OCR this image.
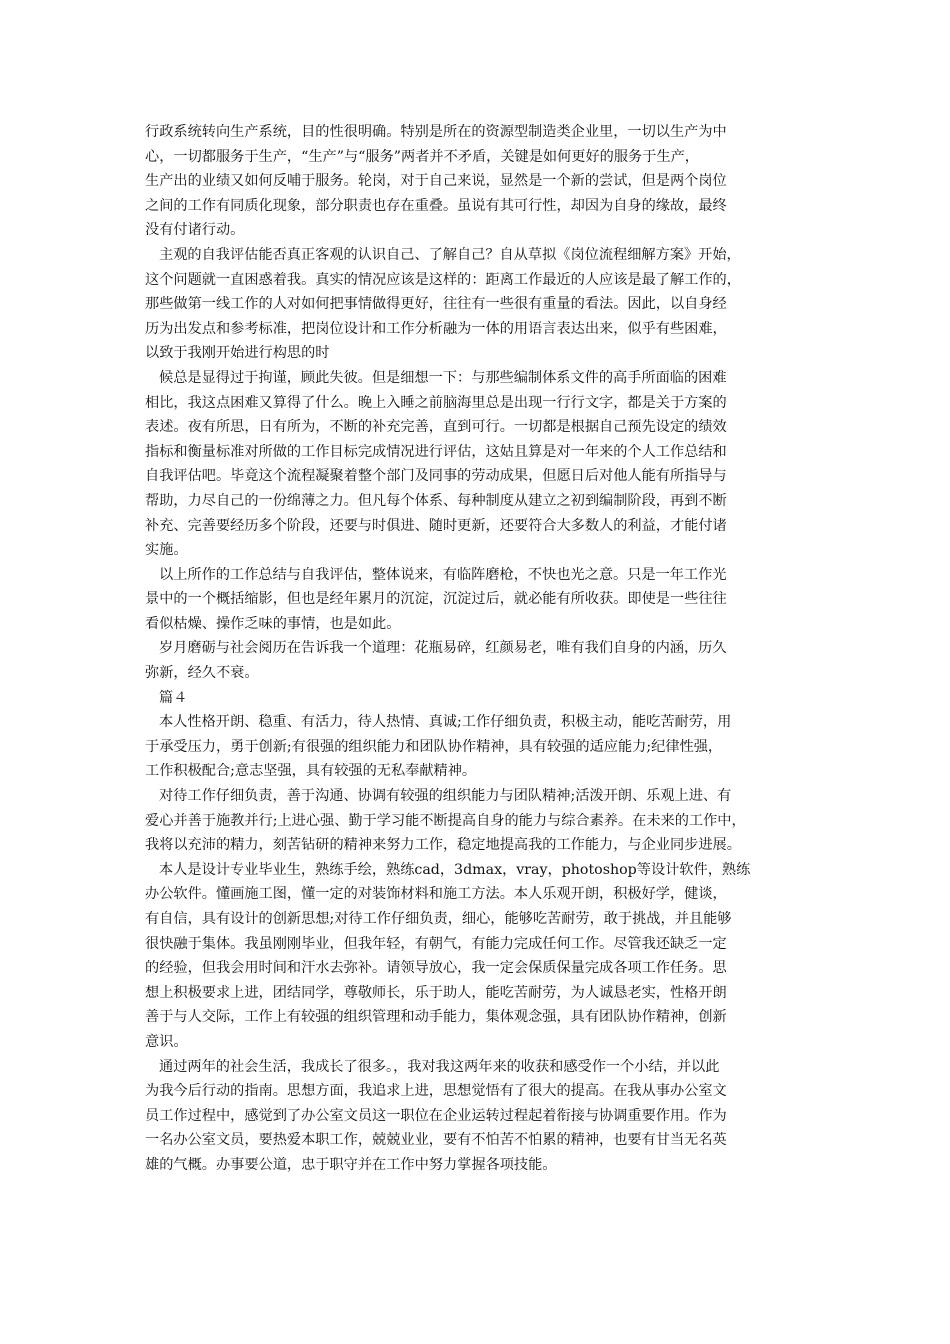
行政系统转向生产系统，目的性很明确。特别是所在的资源型制造类企业里，一切以生产为中
心，一切都服务于生产，“生产”与“服务”两者并不矛盾，关键是如何更好的服务于生产，
生产出的业绩又如何反哺于服务。轮岗，对于自己来说，显然是一个新的尝试，但是两个岗位
之间的工作有同质化现象，部分职责也存在重叠。虽说有其可行性，却因为自身的缘故，最终
没有付诸行动。
主观的自我评估能否真正客观的认识自己、了解自己？自从草拟《岗位流程细解方案》开始，
这个问题就一直困惑着我。真实的情况应该是这样的：距离工作最近的人应该是最了解工作的，
那些做第一线工作的人对如何把事情做得更好，往往有一些很有重量的看法。因此，以自身经
历为出发点和参考标准，把岗位设计和工作分析融为一体的用语言表达出来，似乎有些困难，
以致于我刚开始进行构思的时
候总是显得过于拘谨，顾此失彼。但是细想一下：与那些编制体系文件的高手所面临的困难
相比，我这点困难又算得了什么。晚上入睡之前脑海里总是出现一行行文字，都是关于方案的
表述。夜有所思，日有所为，不断的补充完善，直到可行。一切都是根据自己预先设定的绩效
指标和衡量标准对所做的工作目标完成情况进行评估，这姑且算是对一年来的个人工作总结和
自我评估吧。毕竟这个流程凝聚着整个部门及同事的劳动成果，但愿日后对他人能有所指导与
帮助，力尽自己的一份绵薄之力。但凡每个体系、每种制度从建立之初到编制阶段，再到不断
补充、完善要经历多个阶段，还要与时俱进、随时更新，还要符合大多数人的利益，才能付诸
实施。
以上所作的工作总结与自我评估，整体说来，有临阵磨枪，不快也光之意。只是一年工作光
景中的一个概括缩影，但也是经年累月的沉淀，沉淀过后，就必能有所收获。即使是一些往往
看似枯燥、操作乏味的事情，也是如此。
岁月磨砺与社会阅历在告诉我一个道理：花瓶易碎，红颜易老，唯有我们自身的内涵，历久
弥新，经久不衰。
篇４
本人性格开朗、稳重、有活力，待人热情、真诚;工作仔细负责，积极主动，能吃苦耐劳，用
于承受压力，勇于创新;有很强的组织能力和团队协作精神，具有较强的适应能力;纪律性强，
工作积极配合;意志坚强，具有较强的无私奉献精神。
对待工作仔细负责，善于沟通、协调有较强的组织能力与团队精神;活泼开朗、乐观上进、有
爱心并善于施教并行;上进心强、勤于学习能不断提高自身的能力与综合素养。在未来的工作中，
我将以充沛的精力，刻苦钻研的精神来努力工作，稳定地提高我的工作能力，与企业同步进展。
本人是设计专业毕业生，熟练手绘，熟练cad，3dmax，vray，photoshop等设计软件，熟练
办公软件。懂画施工图，懂一定的对装饰材料和施工方法。本人乐观开朗，积极好学，健谈，
有自信，具有设计的创新思想;对待工作仔细负责，细心，能够吃苦耐劳，敢于挑战，并且能够
很快融于集体。我虽刚刚毕业，但我年轻，有朝气，有能力完成任何工作。尽管我还缺乏一定
的经验，但我会用时间和汗水去弥补。请领导放心，我一定会保质保量完成各项工作任务。思
想上积极要求上进，团结同学，尊敬师长，乐于助人，能吃苦耐劳，为人诚恳老实，性格开朗
善于与人交际，工作上有较强的组织管理和动手能力，集体观念强，具有团队协作精神，创新
意识。
通过两年的社会生活，我成长了很多。，我对我这两年来的收获和感受作一个小结，并以此
为我今后行动的指南。思想方面，我追求上进，思想觉悟有了很大的提高。在我从事办公室文
员工作过程中，感觉到了办公室文员这一职位在企业运转过程起着衔接与协调重要作用。作为
一名办公室文员，要热爱本职工作，兢兢业业，要有不怕苦不怕累的精神，也要有甘当无名英
雄的气概。办事要公道，忠于职守并在工作中努力掌握各项技能。
